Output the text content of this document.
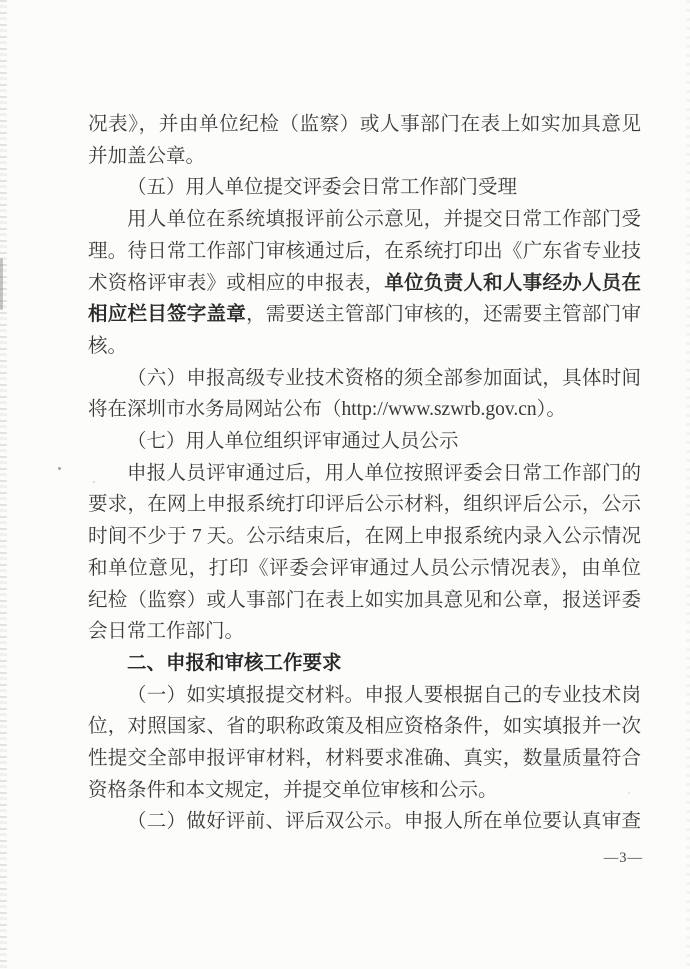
况表》，并由单位纪检（监察）或人事部门在表上如实加具意见
并加盖公章。
（五）用人单位提交评委会日常工作部门受理
用人单位在系统填报评前公示意见，并提交日常工作部门受
理。待日常工作部门审核通过后，在系统打印出《广东省专业技
术资格评审表》或相应的申报表，单位负责人和人事经办人员在
相应栏目签字盖章，需要送主管部门审核的，还需要主管部门审
核。
（六）申报高级专业技术资格的须全部参加面试，具体时间
将在深圳市水务局网站公布（http://www.szwrb.gov.cn）。
（七）用人单位组织评审通过人员公示
申报人员评审通过后，用人单位按照评委会日常工作部门的
要求，在网上申报系统打印评后公示材料，组织评后公示，公示
时间不少于 7 天。公示结束后，在网上申报系统内录入公示情况
和单位意见，打印《评委会评审通过人员公示情况表》，由单位
纪检（监察）或人事部门在表上如实加具意见和公章，报送评委
会日常工作部门。
二、申报和审核工作要求
（一）如实填报提交材料。申报人要根据自己的专业技术岗
位，对照国家、省的职称政策及相应资格条件，如实填报并一次
性提交全部申报评审材料，材料要求准确、真实，数量质量符合
资格条件和本文规定，并提交单位审核和公示。
（二）做好评前、评后双公示。申报人所在单位要认真审查
—3—
